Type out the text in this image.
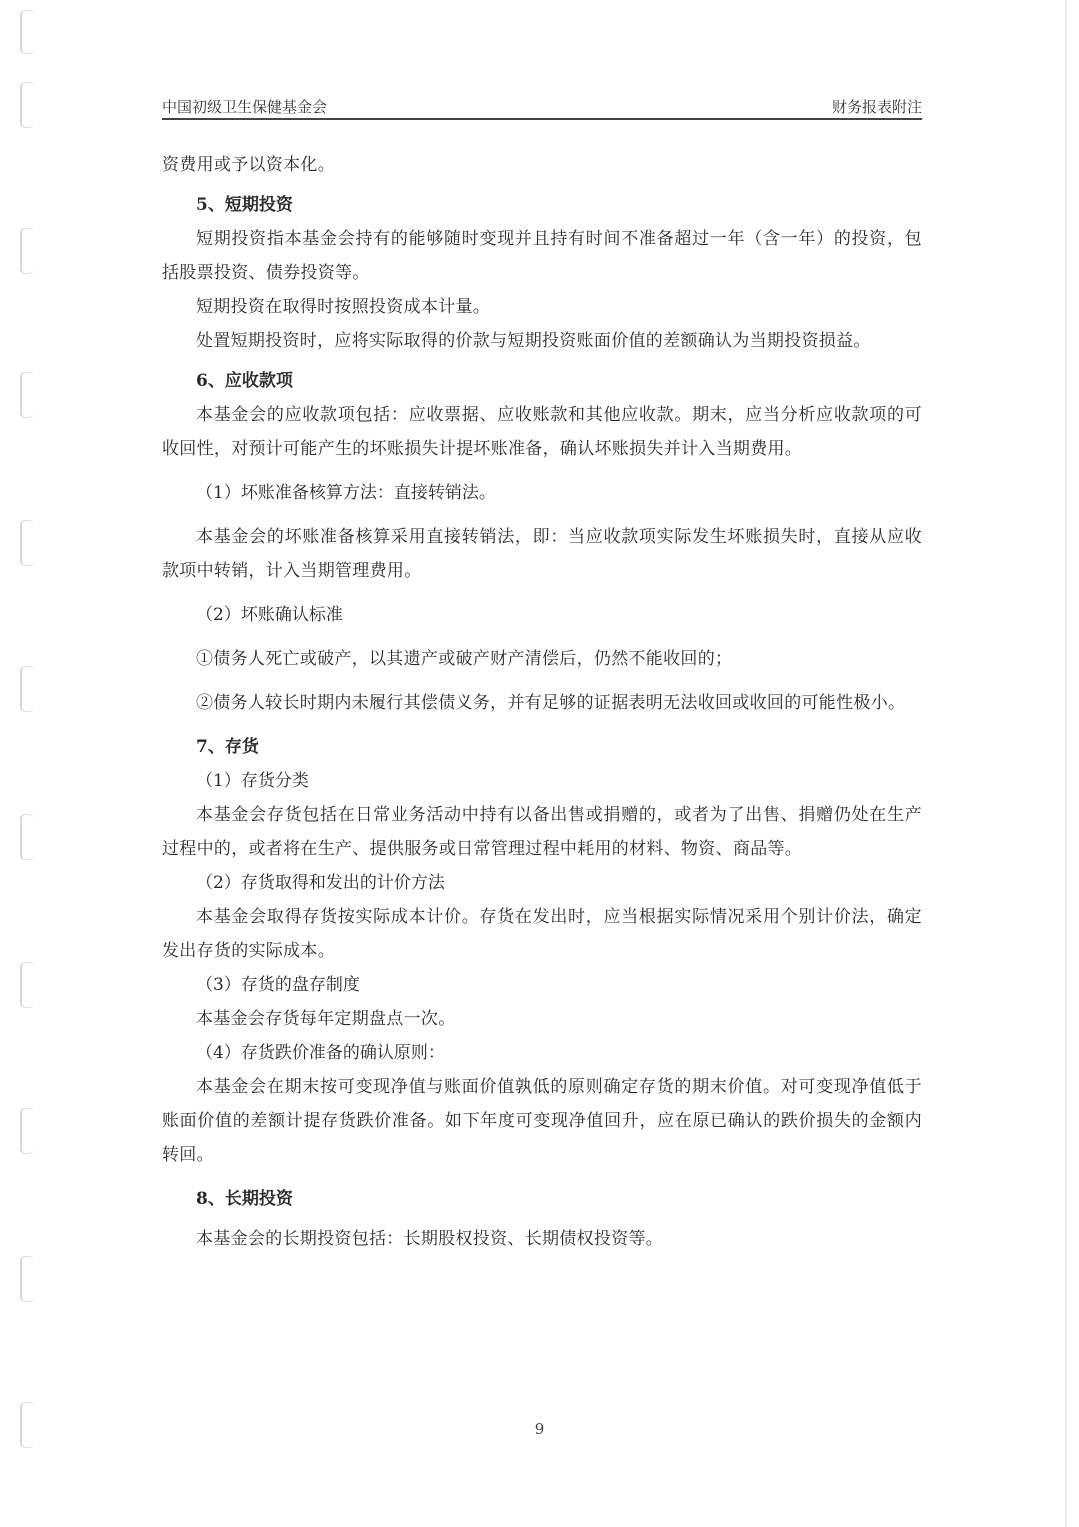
中国初级卫生保健基金会	财务报表附注

资费用或予以资本化。

5、短期投资

短期投资指本基金会持有的能够随时变现并且持有时间不准备超过一年（含一年）的投资，包括股票投资、债券投资等。

短期投资在取得时按照投资成本计量。

处置短期投资时，应将实际取得的价款与短期投资账面价值的差额确认为当期投资损益。

6、应收款项

本基金会的应收款项包括：应收票据、应收账款和其他应收款。期末，应当分析应收款项的可收回性，对预计可能产生的坏账损失计提坏账准备，确认坏账损失并计入当期费用。

（1）坏账准备核算方法：直接转销法。

本基金会的坏账准备核算采用直接转销法，即：当应收款项实际发生坏账损失时，直接从应收款项中转销，计入当期管理费用。

（2）坏账确认标准

①债务人死亡或破产，以其遗产或破产财产清偿后，仍然不能收回的；

②债务人较长时期内未履行其偿债义务，并有足够的证据表明无法收回或收回的可能性极小。

7、存货

（1）存货分类

本基金会存货包括在日常业务活动中持有以备出售或捐赠的，或者为了出售、捐赠仍处在生产过程中的，或者将在生产、提供服务或日常管理过程中耗用的材料、物资、商品等。

（2）存货取得和发出的计价方法

本基金会取得存货按实际成本计价。存货在发出时，应当根据实际情况采用个别计价法，确定发出存货的实际成本。

（3）存货的盘存制度

本基金会存货每年定期盘点一次。

（4）存货跌价准备的确认原则：

本基金会在期末按可变现净值与账面价值孰低的原则确定存货的期末价值。对可变现净值低于账面价值的差额计提存货跌价准备。如下年度可变现净值回升，应在原已确认的跌价损失的金额内转回。

8、长期投资

本基金会的长期投资包括：长期股权投资、长期债权投资等。

9
